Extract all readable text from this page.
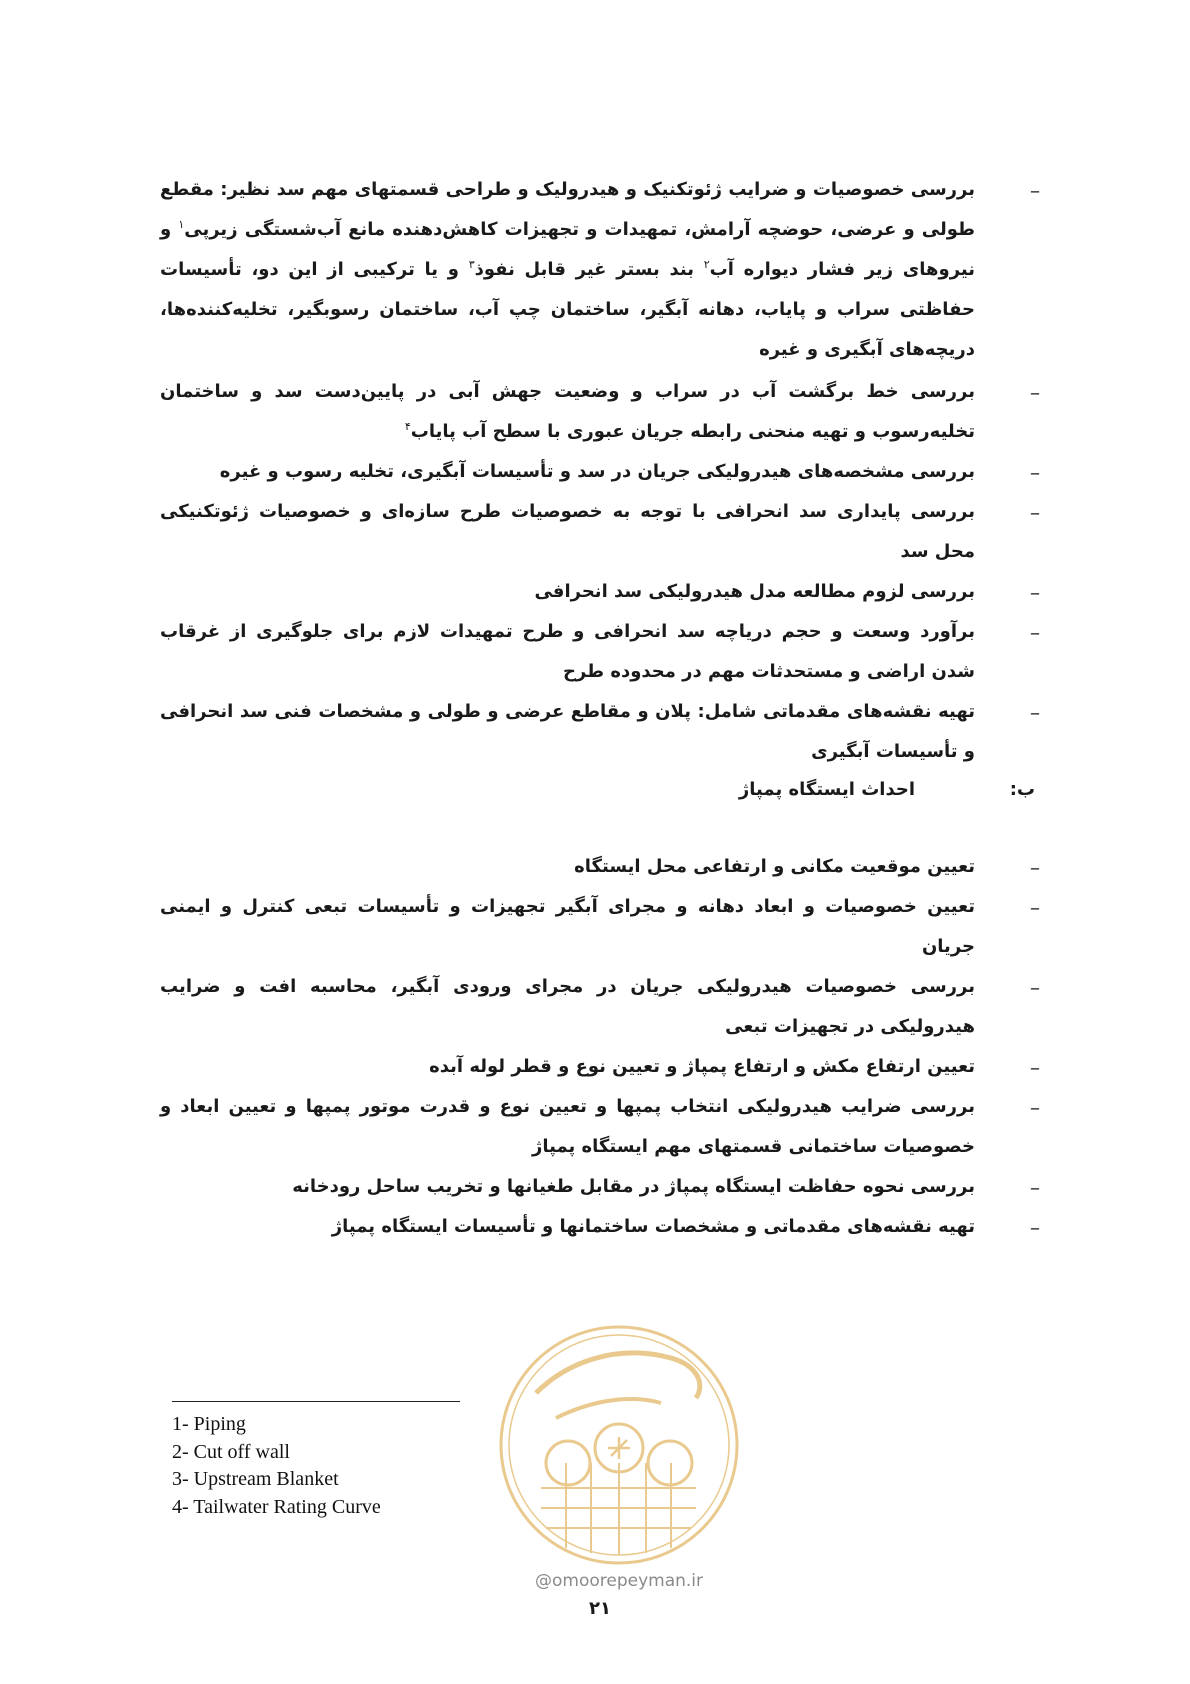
–
بررسی خصوصیات و ضرایب ژئوتکنیک و هیدرولیک و طراحی قسمتهای مهم سد نظیر: مقطع طولی و عرضی، حوضچه آرامش، تمهیدات و تجهیزات کاهش‌دهنده مانع آب‌شستگی زیرپی$^۱$ و نیروهای زیر فشار دیواره آب$^۲$ بند بستر غیر قابل نفوذ$^۳$ و یا ترکیبی از این دو، تأسیسات حفاظتی سراب و پایاب، دهانه آبگیر، ساختمان چپ آب، ساختمان رسوبگیر، تخلیه‌کننده‌ها، دریچه‌های آبگیری و غیره
–
بررسی خط برگشت آب در سراب و وضعیت جهش آبی در پایین‌دست سد و ساختمان تخلیه‌رسوب و تهیه منحنی رابطه جریان عبوری با سطح آب پایاب$^۴$
–
بررسی مشخصه‌های هیدرولیکی جریان در سد و تأسیسات آبگیری، تخلیه رسوب و غیره
–
بررسی پایداری سد انحرافی با توجه به خصوصیات طرح سازه‌ای و خصوصیات ژئوتکنیکی محل سد
–
بررسی لزوم مطالعه مدل هیدرولیکی سد انحرافی
–
برآورد وسعت و حجم دریاچه سد انحرافی و طرح تمهیدات لازم برای جلوگیری از غرقاب شدن اراضی و مستحدثات مهم در محدوده طرح
–
تهیه نقشه‌های مقدماتی شامل: پلان و مقاطع عرضی و طولی و مشخصات فنی سد انحرافی و تأسیسات آبگیری
ب:احداث ایستگاه پمپاژ
–
تعیین موقعیت مکانی و ارتفاعی محل ایستگاه
–
تعیین خصوصیات و ابعاد دهانه و مجرای آبگیر تجهیزات و تأسیسات تبعی کنترل و ایمنی جریان
–
بررسی خصوصیات هیدرولیکی جریان در مجرای ورودی آبگیر، محاسبه افت و ضرایب هیدرولیکی در تجهیزات تبعی
–
تعیین ارتفاع مکش و ارتفاع پمپاژ و تعیین نوع و قطر لوله آبده
–
بررسی ضرایب هیدرولیکی انتخاب پمپها و تعیین نوع و قدرت موتور پمپها و تعیین ابعاد و خصوصیات ساختمانی قسمتهای مهم ایستگاه پمپاژ
–
بررسی نحوه حفاظت ایستگاه پمپاژ در مقابل طغیانها و تخریب ساحل رودخانه
–
تهیه نقشه‌های مقدماتی و مشخصات ساختمانها و تأسیسات ایستگاه پمپاژ
1- Piping
2- Cut off wall
3- Upstream Blanket
4- Tailwater Rating Curve
@omoorepeyman.ir
۲۱
